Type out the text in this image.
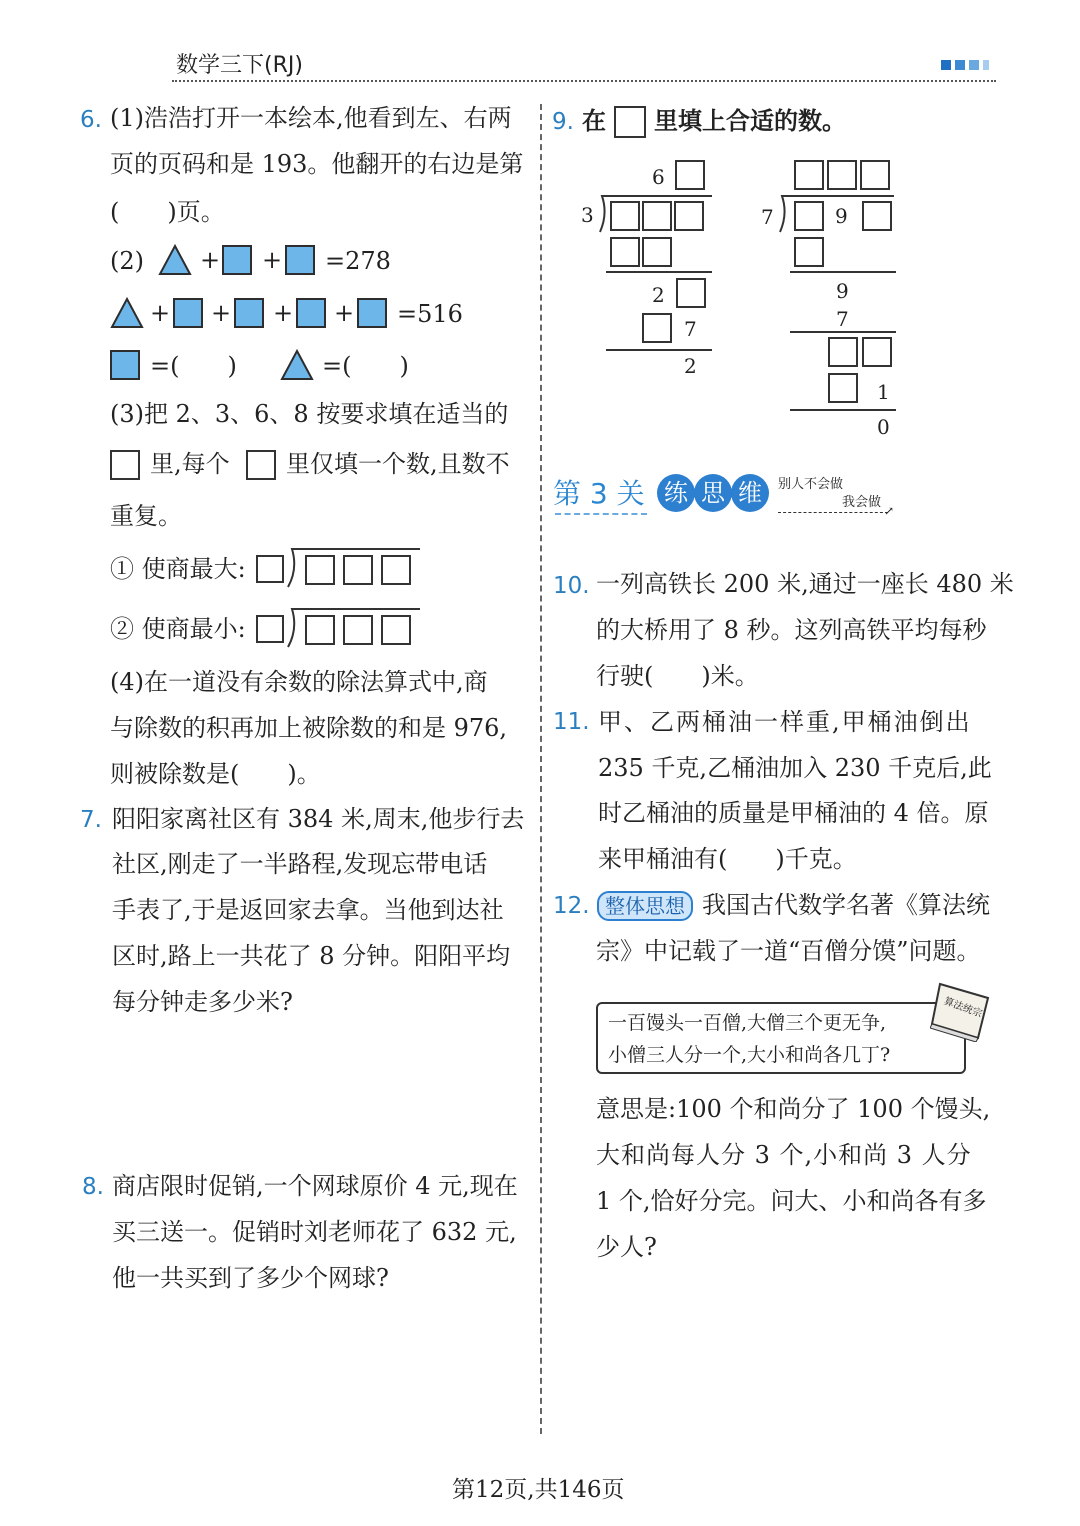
数学三下(RJ)
6. (1)浩浩打开一本绘本,他看到左、右两
页的页码和是 193。他翻开的右边是第
(　　)页。
(2) + + =278
+ + + + =516
=(　　)	=(　　)
(3)把 2、3、6、8 按要求填在适当的
里,每个 里仅填一个数,且数不
重复。
① 使商最大:
② 使商最小:
(4)在一道没有余数的除法算式中,商
与除数的积再加上被除数的和是 976,
则被除数是(　　)。
7. 阳阳家离社区有 384 米,周末,他步行去
社区,刚走了一半路程,发现忘带电话
手表了,于是返回家去拿。当他到达社
区时,路上一共花了 8 分钟。阳阳平均
每分钟走多少米?
8. 商店限时促销,一个网球原价 4 元,现在
买三送一。促销时刘老师花了 632 元,
他一共买到了多少个网球?
9. 在 里填上合适的数。
6
3
2
7
2
7	9
9
7
1
0
第 3 关 练 思 维	别人不会做
我会做
↗
10. 一列高铁长 200 米,通过一座长 480 米
的大桥用了 8 秒。这列高铁平均每秒
行驶(　　)米。
11. 甲、乙两桶油一样重,甲桶油倒出
235 千克,乙桶油加入 230 千克后,此
时乙桶油的质量是甲桶油的 4 倍。原
来甲桶油有(　　)千克。
12. 整体思想 我国古代数学名著《算法统
宗》中记载了一道“百僧分馍”问题。
一百馒头一百僧,大僧三个更无争,
小僧三人分一个,大小和尚各几丁?
算法统宗
意思是:100 个和尚分了 100 个馒头,
大和尚每人分 3 个,小和尚 3 人分
1 个,恰好分完。问大、小和尚各有多
少人?
第12页,共146页
